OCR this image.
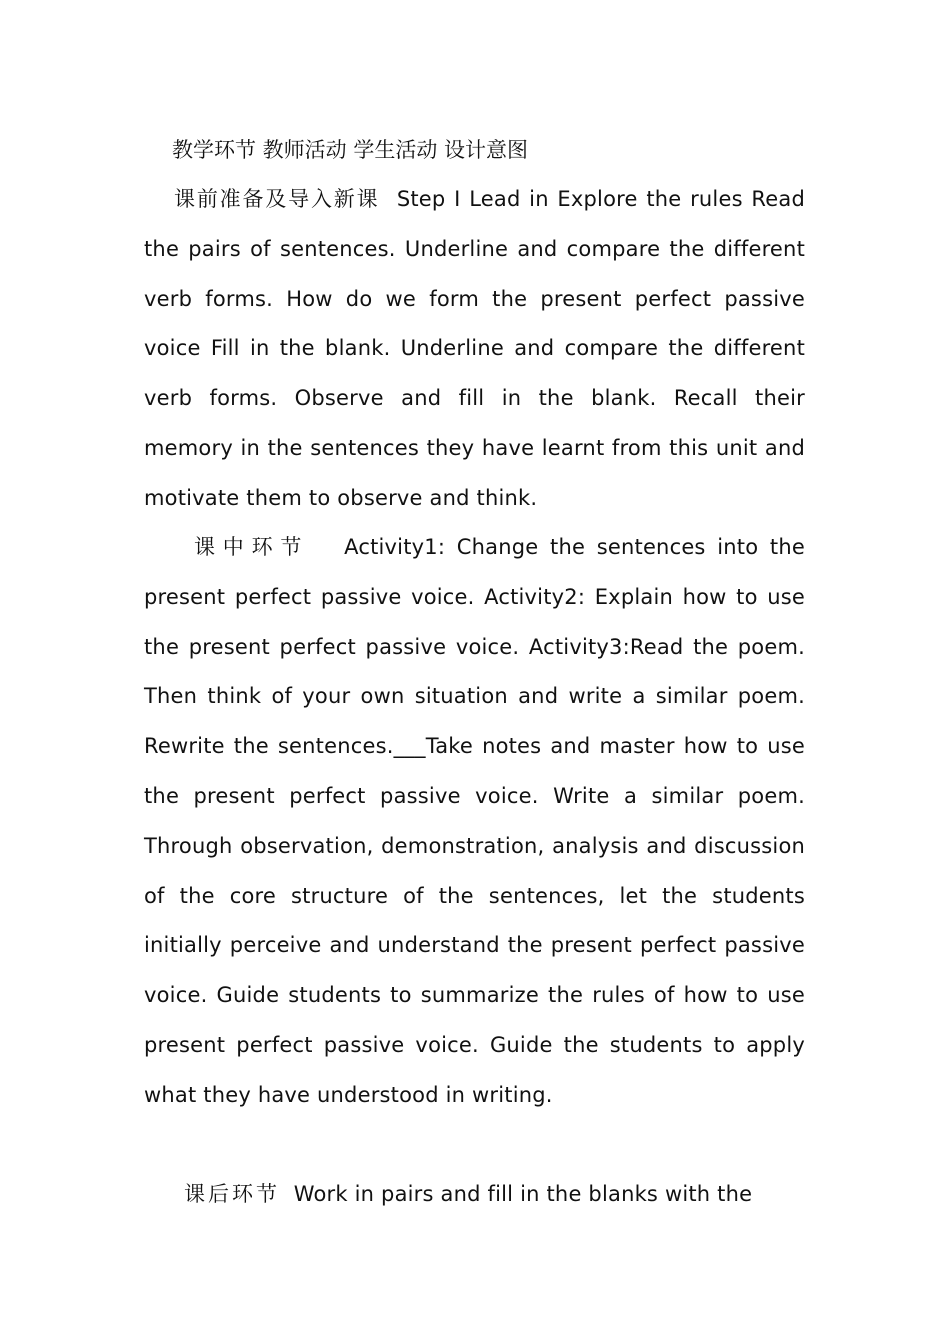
教学环节 教师活动 学生活动 设计意图
课前准备及导入新课 Step I Lead in Explore the rules Read the pairs of sentences. Underline and compare the different verb forms. How do we form the present perfect passive voice Fill in the blank. Underline and compare the different verb forms. Observe and fill in the blank. Recall their memory in the sentences they have learnt from this unit and motivate them to observe and think.
课中环节 Activity1: Change the sentences into the present perfect passive voice. Activity2: Explain how to use the present perfect passive voice. Activity3:Read the poem. Then think of your own situation and write a similar poem. Rewrite the sentences.___Take notes and master how to use the present perfect passive voice. Write a similar poem. Through observation, demonstration, analysis and discussion of the core structure of the sentences, let the students initially perceive and understand the present perfect passive voice. Guide students to summarize the rules of how to use present perfect passive voice. Guide the students to apply what they have understood in writing.
课后环节 Work in pairs and fill in the blanks with the
